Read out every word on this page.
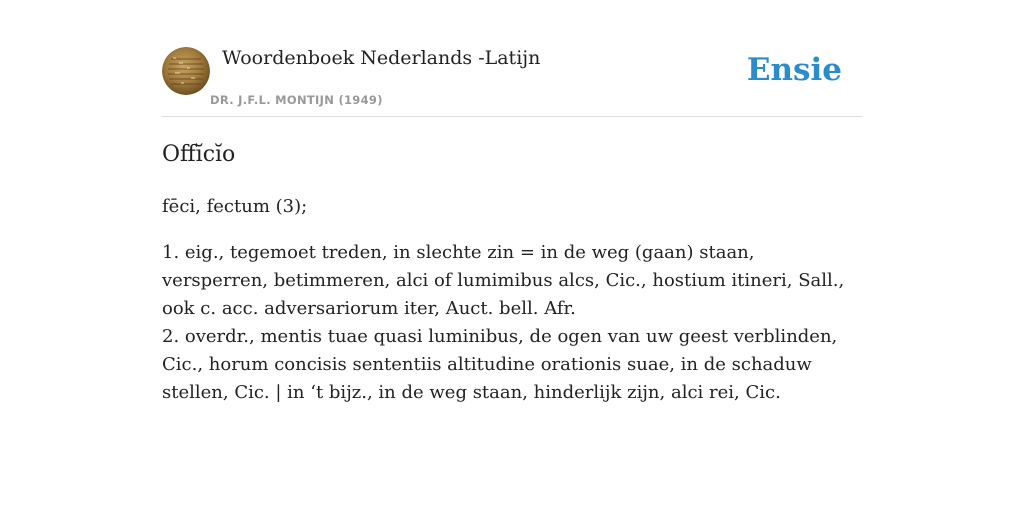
Woordenboek Nederlands -Latijn
DR. J.F.L. MONTIJN (1949)
Ensie
Offĭcĭo

fēci, fectum (3);

1. eig., tegemoet treden, in slechte zin = in de weg (gaan) staan, versperren, betimmeren, alci of lumimibus alcs, Cic., hostium itineri, Sall., ook c. acc. adversariorum iter, Auct. bell. Afr.
2. overdr., mentis tuae quasi luminibus, de ogen van uw geest verblinden, Cic., horum concisis sententiis altitudine orationis suae, in de schaduw stellen, Cic. | in ‘t bijz., in de weg staan, hinderlijk zijn, alci rei, Cic.
